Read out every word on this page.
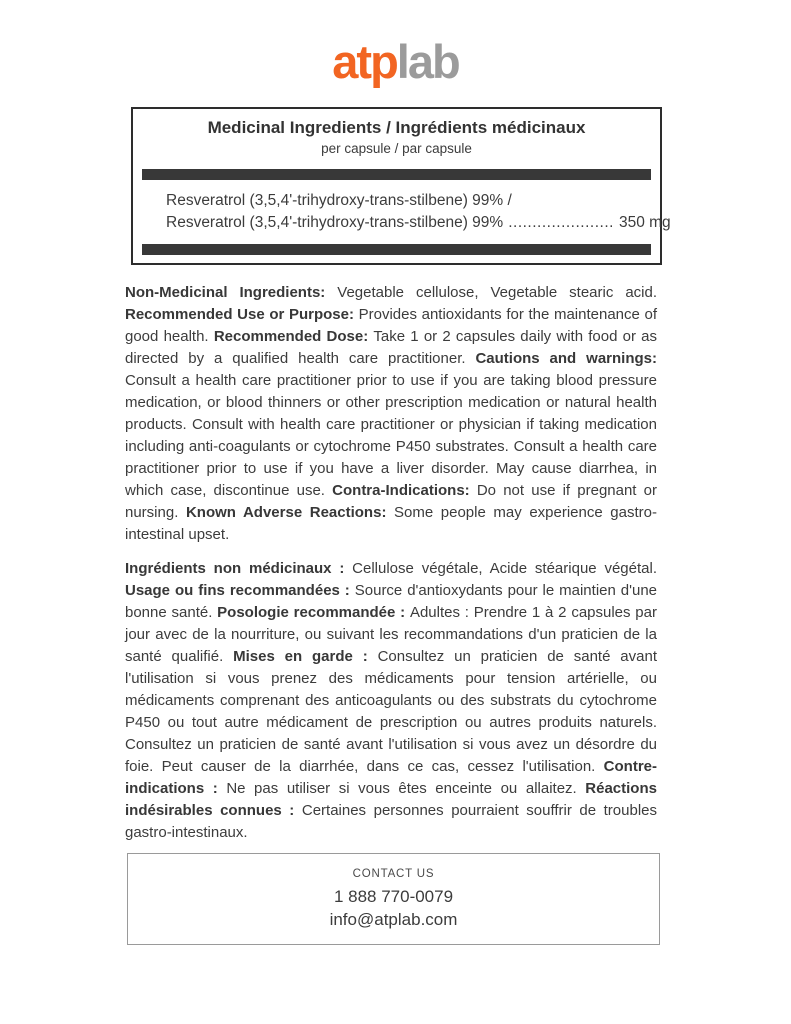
atplab
Medicinal Ingredients / Ingrédients médicinaux
per capsule / par capsule
Resveratrol (3,5,4'-trihydroxy-trans-stilbene) 99% /
Resveratrol (3,5,4'-trihydroxy-trans-stilbene) 99% ...................... 350 mg

Non-Medicinal Ingredients: Vegetable cellulose, Vegetable stearic acid. Recommended Use or Purpose: Provides antioxidants for the maintenance of good health. Recommended Dose: Take 1 or 2 capsules daily with food or as directed by a qualified health care practitioner. Cautions and warnings: Consult a health care practitioner prior to use if you are taking blood pressure medication, or blood thinners or other prescription medication or natural health products. Consult with health care practitioner or physician if taking medication including anti-coagulants or cytochrome P450 substrates. Consult a health care practitioner prior to use if you have a liver disorder. May cause diarrhea, in which case, discontinue use. Contra-Indications: Do not use if pregnant or nursing. Known Adverse Reactions: Some people may experience gastro-intestinal upset.

Ingrédients non médicinaux : Cellulose végétale, Acide stéarique végétal. Usage ou fins recommandées : Source d'antioxydants pour le maintien d'une bonne santé. Posologie recommandée : Adultes : Prendre 1 à 2 capsules par jour avec de la nourriture, ou suivant les recommandations d'un praticien de la santé qualifié. Mises en garde : Consultez un praticien de santé avant l'utilisation si vous prenez des médicaments pour tension artérielle, ou médicaments comprenant des anticoagulants ou des substrats du cytochrome P450 ou tout autre médicament de prescription ou autres produits naturels. Consultez un praticien de santé avant l'utilisation si vous avez un désordre du foie. Peut causer de la diarrhée, dans ce cas, cessez l'utilisation. Contre-indications : Ne pas utiliser si vous êtes enceinte ou allaitez. Réactions indésirables connues : Certaines personnes pourraient souffrir de troubles gastro-intestinaux.

CONTACT US
1 888 770-0079
info@atplab.com
